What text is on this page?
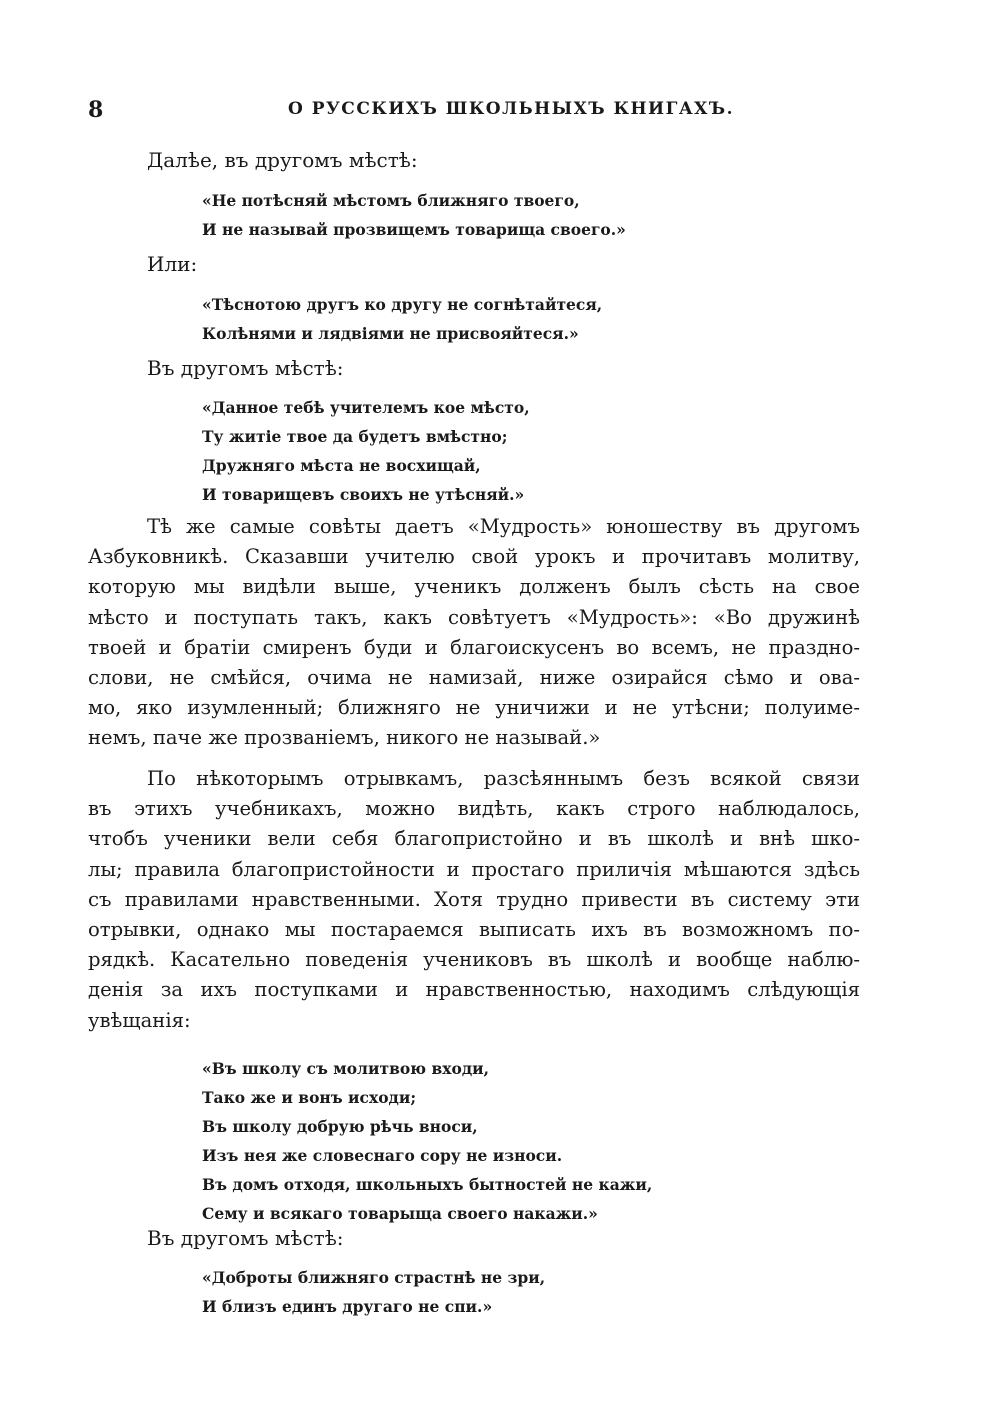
8	О РУССКИХЪ ШКОЛЬНЫХЪ КНИГАХЪ.
Далѣе, въ другомъ мѣстѣ:
«Не потѣсняй мѣстомъ ближняго твоего,
И не называй прозвищемъ товарища своего.»
Или:
«Тѣснотою другъ ко другу не согнѣтайтеся,
Колѣнями и лядвіями не присвояйтеся.»
Въ другомъ мѣстѣ:
«Данное тебѣ учителемъ кое мѣсто,
Ту житіе твое да будетъ вмѣстно;
Дружняго мѣста не восхищай,
И товарищевъ своихъ не утѣсняй.»
Тѣ же самые совѣты даетъ «Мудрость» юношеству въ другомъ
Азбуковникѣ. Сказавши учителю свой урокъ и прочитавъ молитву,
которую мы видѣли выше, ученикъ долженъ былъ сѣсть на свое
мѣсто и поступать такъ, какъ совѣтуетъ «Мудрость»: «Во дружинѣ
твоей и братіи смиренъ буди и благоискусенъ во всемъ, не праздно-
слови, не смѣйся, очима не намизай, ниже озирайся сѣмо и ова-
мо, яко изумленный; ближняго не уничижи и не утѣсни; полуиме-
немъ, паче же прозваніемъ, никого не называй.»
По нѣкоторымъ отрывкамъ, разсѣяннымъ безъ всякой связи
въ этихъ учебникахъ, можно видѣть, какъ строго наблюдалось,
чтобъ ученики вели себя благопристойно и въ школѣ и внѣ шко-
лы; правила благопристойности и простаго приличія мѣшаются здѣсь
съ правилами нравственными. Хотя трудно привести въ систему эти
отрывки, однако мы постараемся выписать ихъ въ возможномъ по-
рядкѣ. Касательно поведенія учениковъ въ школѣ и вообще наблю-
денія за ихъ поступками и нравственностью, находимъ слѣдующія
увѣщанія:
«Въ школу съ молитвою входи,
Тако же и вонъ исходи;
Въ школу добрую рѣчь вноси,
Изъ нея же словеснаго сору не износи.
Въ домъ отходя, школьныхъ бытностей не кажи,
Сему и всякаго товарыща своего накажи.»
Въ другомъ мѣстѣ:
«Доброты ближняго страстнѣ не зри,
И близъ единъ другаго не спи.»
